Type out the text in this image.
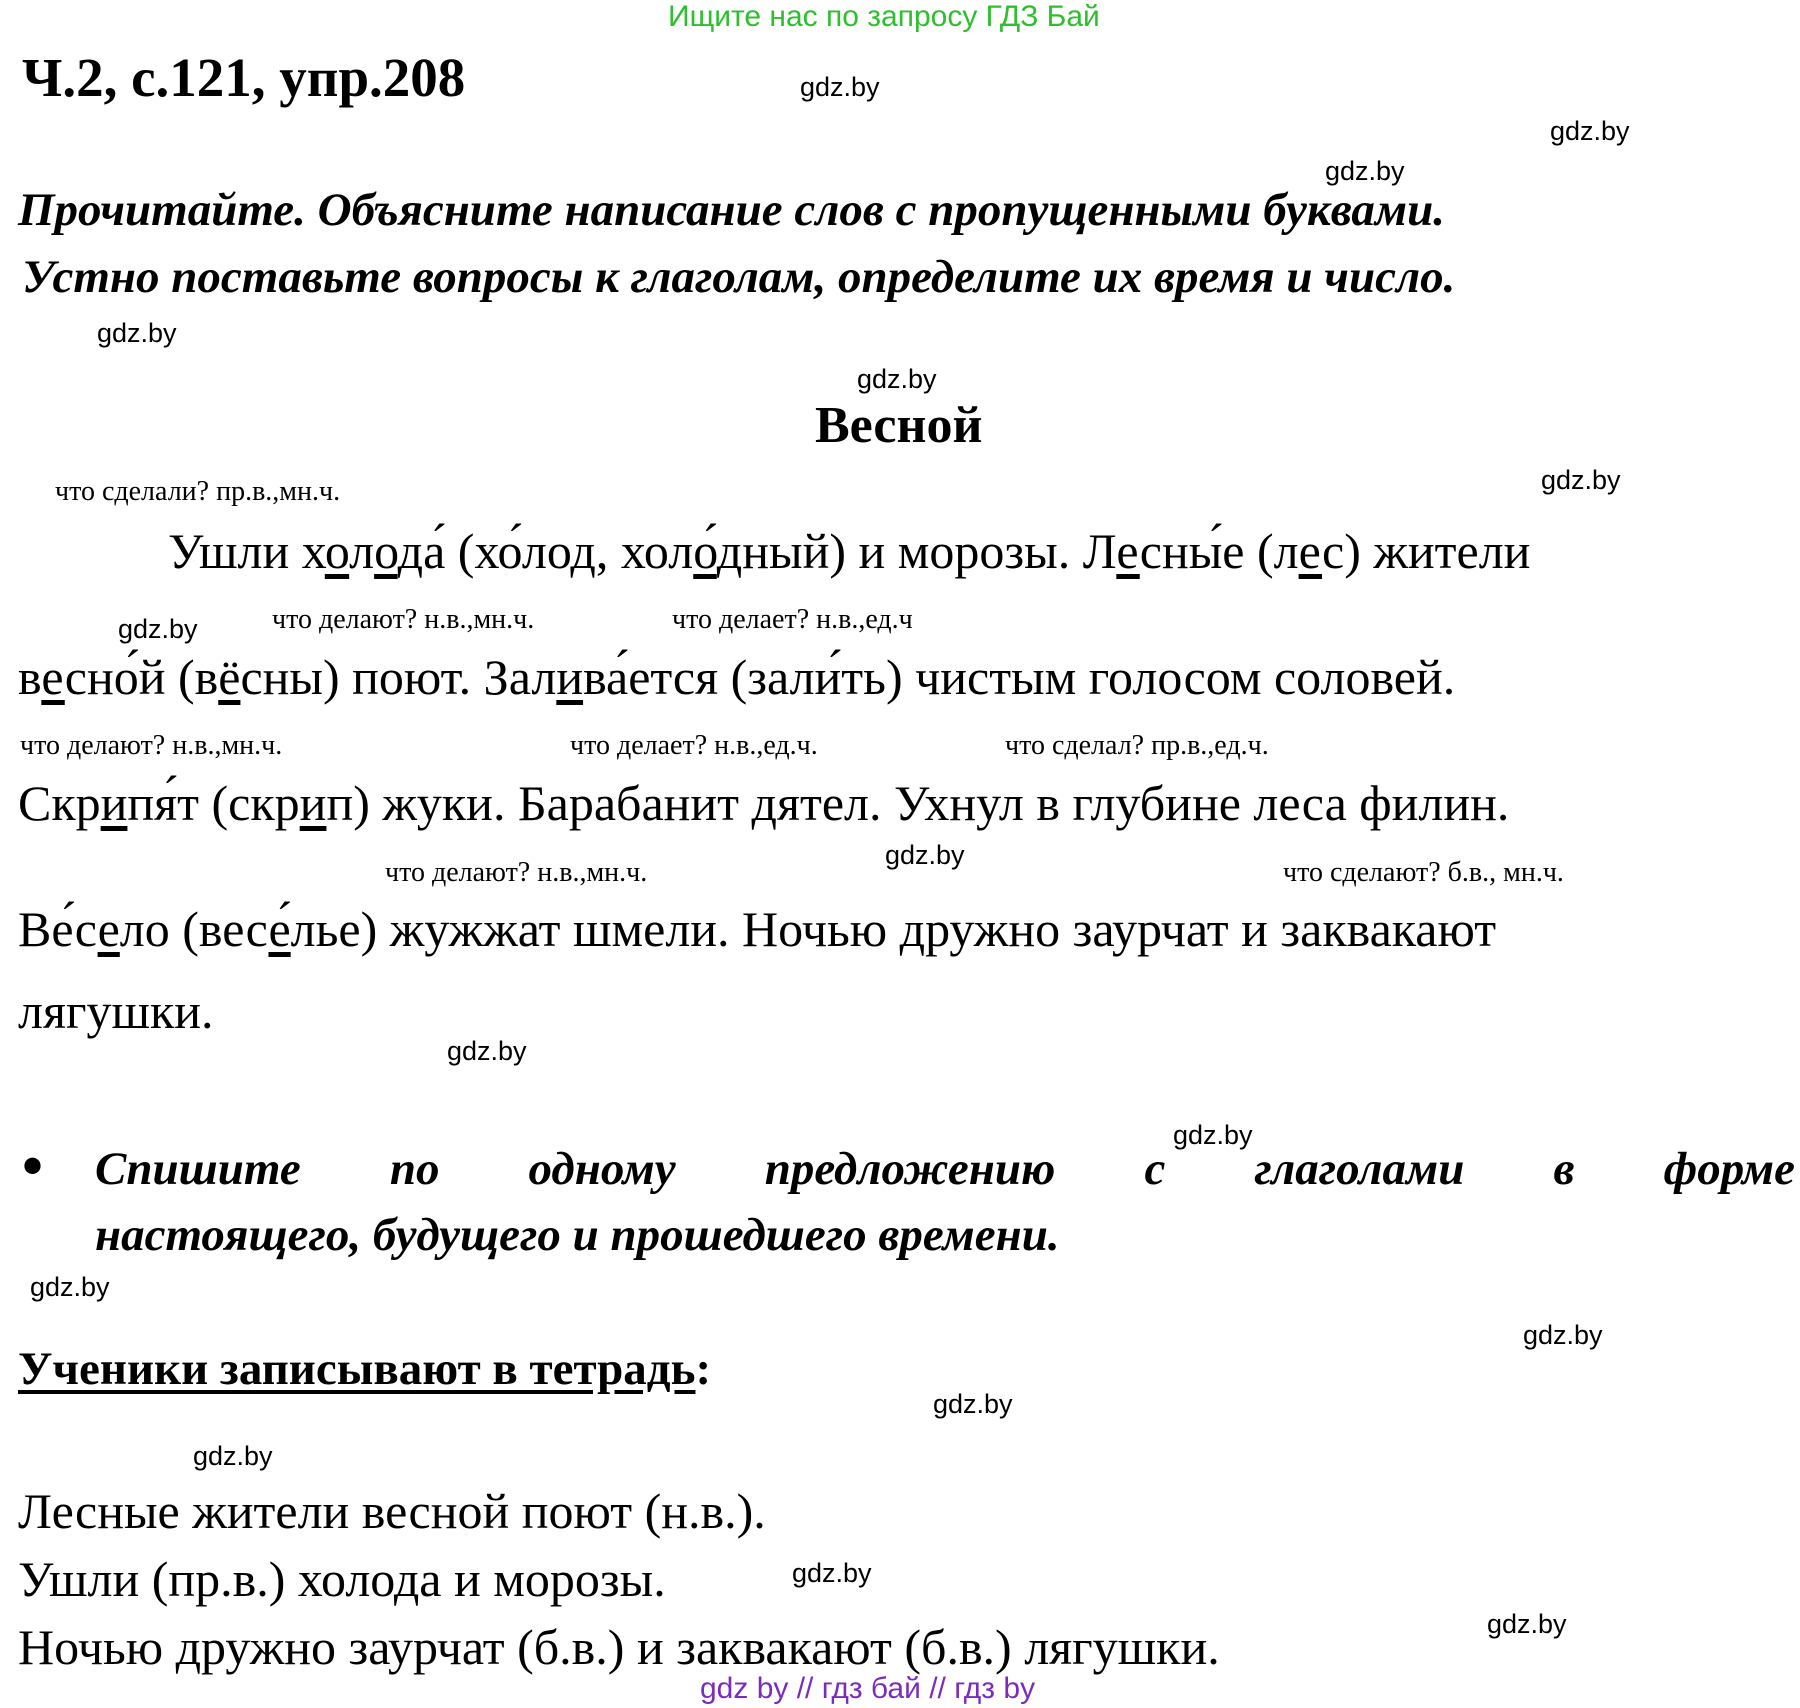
Ищите нас по запросу ГДЗ Бай
Ч.2, с.121, упр.208
Прочитайте. Объясните написание слов с пропущенными буквами.
Устно поставьте вопросы к глаголам, определите их время и число.
Весной
что сделали? пр.в.,мн.ч.
что делают? н.в.,мн.ч.	что делает? н.в.,ед.ч
что делают? н.в.,мн.ч.	что делает? н.в.,ед.ч.	что сделал? пр.в.,ед.ч.
что делают? н.в.,мн.ч.	что сделают? б.в., мн.ч.
Ушли холода́ (хо́лод, холо́дный) и морозы. Лесны́е (лес) жители
весно́й (вёсны) поют. Залива́ется (зали́ть) чистым голосом соловей.
Скрипя́т (скрип) жуки. Барабанит дятел. Ухнул в глубине леса филин.
Ве́село (весе́лье) жужжат шмели. Ночью дружно заурчат и заквакают
лягушки.
• Спишите по одному предложению с глаголами в форме
настоящего, будущего и прошедшего времени.
Ученики записывают в тетрадь:
Лесные жители весной поют (н.в.).
Ушли (пр.в.) холода и морозы.
Ночью дружно заурчат (б.в.) и заквакают (б.в.) лягушки.
gdz.by
gdz.by
gdz.by
gdz.by
gdz.by
gdz.by
gdz.by
gdz.by
gdz.by
gdz.by
gdz.by
gdz.by
gdz.by
gdz.by
gdz.by
gdz.by
gdz by // гдз бай // гдз by
